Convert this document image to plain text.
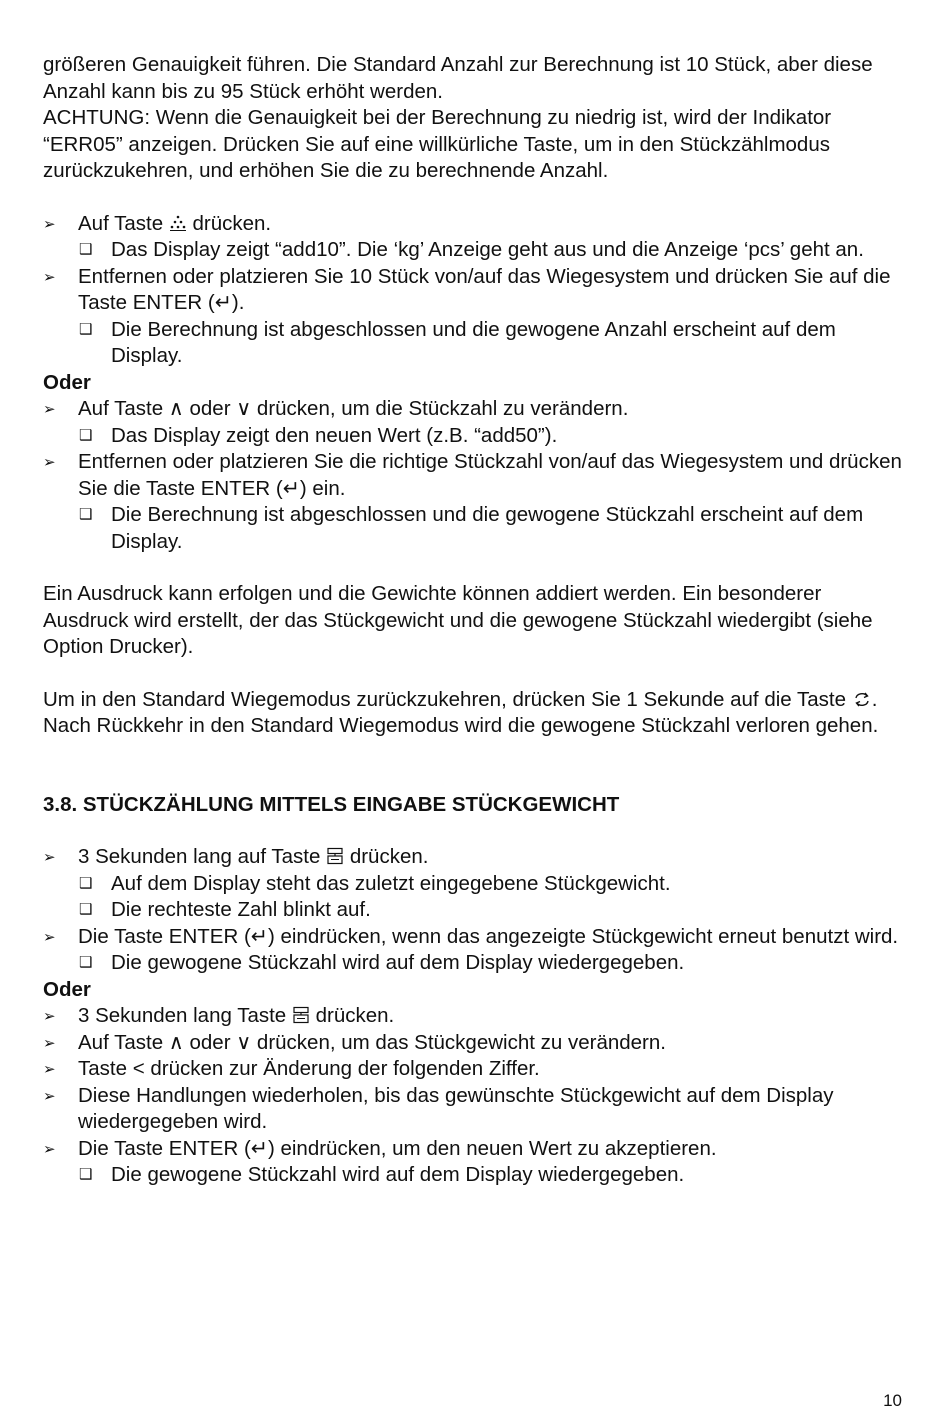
größeren Genauigkeit führen. Die Standard Anzahl zur Berechnung ist 10 Stück, aber diese Anzahl kann bis zu 95 Stück erhöht werden.

ACHTUNG: Wenn die Genauigkeit bei der Berechnung zu niedrig ist, wird der Indikator “ERR05” anzeigen. Drücken Sie auf eine willkürliche Taste, um in den Stückzählmodus zurückzukehren, und erhöhen Sie die zu berechnende Anzahl.

➢ Auf Taste drücken.
❑ Das Display zeigt “add10”. Die ‘kg’ Anzeige geht aus und die Anzeige ‘pcs’ geht an.
➢ Entfernen oder platzieren Sie 10 Stück von/auf das Wiegesystem und drücken Sie auf die Taste ENTER (↵).
❑ Die Berechnung ist abgeschlossen und die gewogene Anzahl erscheint auf dem Display.

Oder

➢ Auf Taste ∧ oder ∨ drücken, um die Stückzahl zu verändern.
❑ Das Display zeigt den neuen Wert (z.B. “add50”).
➢ Entfernen oder platzieren Sie die richtige Stückzahl von/auf das Wiegesystem und drücken Sie die Taste ENTER (↵) ein.
❑ Die Berechnung ist abgeschlossen und die gewogene Stückzahl erscheint auf dem Display.

Ein Ausdruck kann erfolgen und die Gewichte können addiert werden. Ein besonderer Ausdruck wird erstellt, der das Stückgewicht und die gewogene Stückzahl wiedergibt (siehe Option Drucker).

Um in den Standard Wiegemodus zurückzukehren, drücken Sie 1 Sekunde auf die Taste . Nach Rückkehr in den Standard Wiegemodus wird die gewogene Stückzahl verloren gehen.

3.8. STÜCKZÄHLUNG MITTELS EINGABE STÜCKGEWICHT

➢ 3 Sekunden lang auf Taste drücken.
❑ Auf dem Display steht das zuletzt eingegebene Stückgewicht.
❑ Die rechteste Zahl blinkt auf.
➢ Die Taste ENTER (↵) eindrücken, wenn das angezeigte Stückgewicht erneut benutzt wird.
❑ Die gewogene Stückzahl wird auf dem Display wiedergegeben.

Oder

➢ 3 Sekunden lang Taste drücken.
➢ Auf Taste ∧ oder ∨ drücken, um das Stückgewicht zu verändern.
➢ Taste < drücken zur Änderung der folgenden Ziffer.
➢ Diese Handlungen wiederholen, bis das gewünschte Stückgewicht auf dem Display wiedergegeben wird.
➢ Die Taste ENTER (↵) eindrücken, um den neuen Wert zu akzeptieren.
❑ Die gewogene Stückzahl wird auf dem Display wiedergegeben.
10
